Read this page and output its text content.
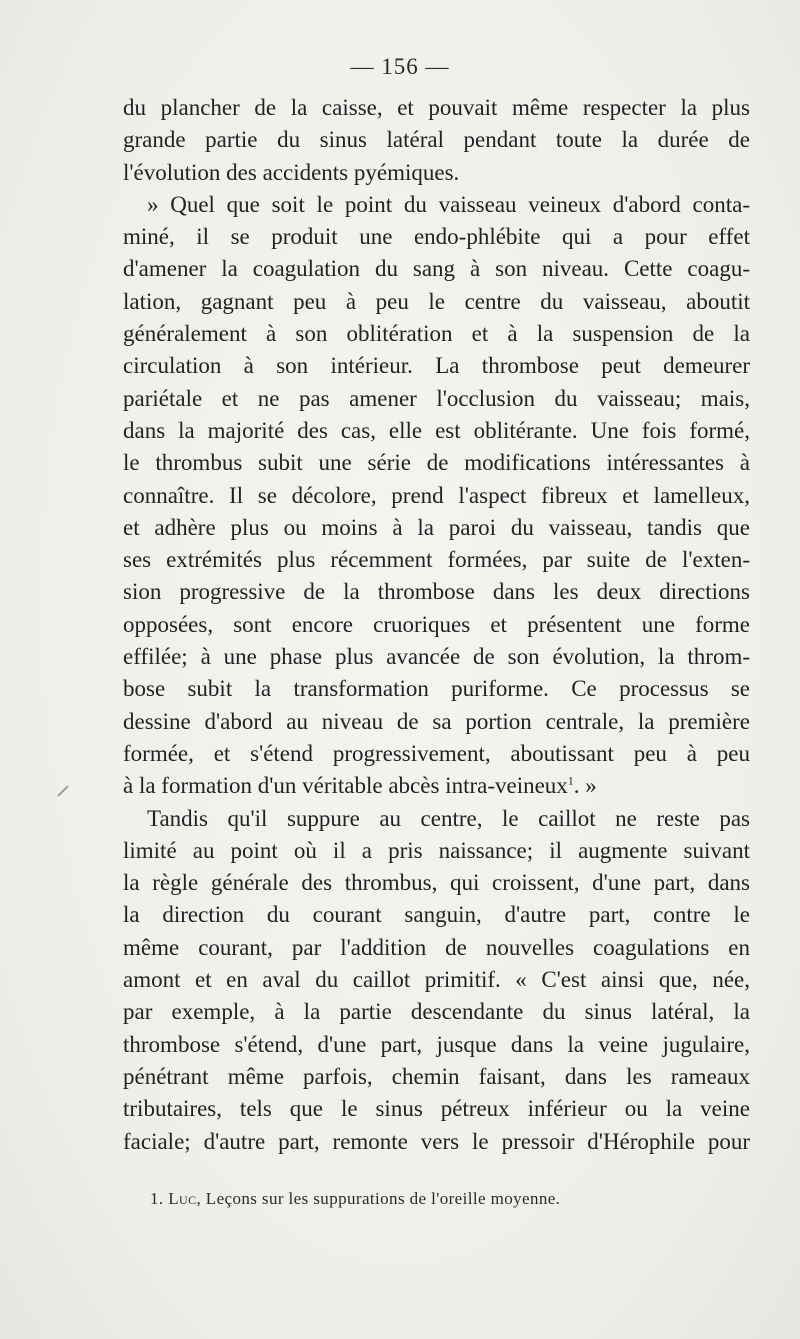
— 156 —
du plancher de la caisse, et pouvait même respecter la plus
grande partie du sinus latéral pendant toute la durée de
l'évolution des accidents pyémiques.
» Quel que soit le point du vaisseau veineux d'abord conta-
miné, il se produit une endo-phlébite qui a pour effet
d'amener la coagulation du sang à son niveau. Cette coagu-
lation, gagnant peu à peu le centre du vaisseau, aboutit
généralement à son oblitération et à la suspension de la
circulation à son intérieur. La thrombose peut demeurer
pariétale et ne pas amener l'occlusion du vaisseau; mais,
dans la majorité des cas, elle est oblitérante. Une fois formé,
le thrombus subit une série de modifications intéressantes à
connaître. Il se décolore, prend l'aspect fibreux et lamelleux,
et adhère plus ou moins à la paroi du vaisseau, tandis que
ses extrémités plus récemment formées, par suite de l'exten-
sion progressive de la thrombose dans les deux directions
opposées, sont encore cruoriques et présentent une forme
effilée; à une phase plus avancée de son évolution, la throm-
bose subit la transformation puriforme. Ce processus se
dessine d'abord au niveau de sa portion centrale, la première
formée, et s'étend progressivement, aboutissant peu à peu
à la formation d'un véritable abcès intra-veineux$^1$. »
Tandis qu'il suppure au centre, le caillot ne reste pas
limité au point où il a pris naissance; il augmente suivant
la règle générale des thrombus, qui croissent, d'une part, dans
la direction du courant sanguin, d'autre part, contre le
même courant, par l'addition de nouvelles coagulations en
amont et en aval du caillot primitif. « C'est ainsi que, née,
par exemple, à la partie descendante du sinus latéral, la
thrombose s'étend, d'une part, jusque dans la veine jugulaire,
pénétrant même parfois, chemin faisant, dans les rameaux
tributaires, tels que le sinus pétreux inférieur ou la veine
faciale; d'autre part, remonte vers le pressoir d'Hérophile pour
1. Luc, Leçons sur les suppurations de l'oreille moyenne.
